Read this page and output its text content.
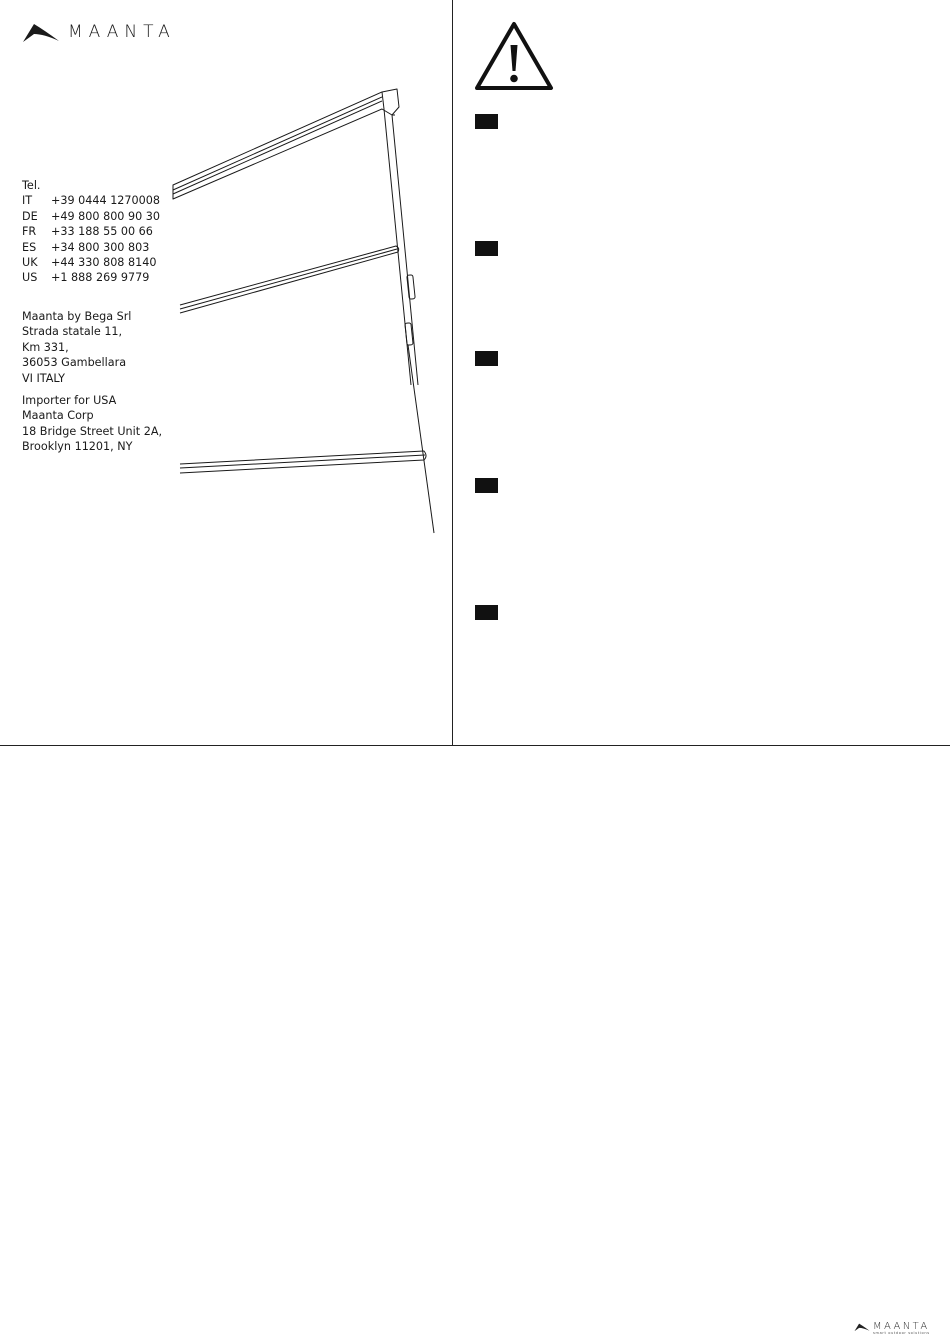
MAANTA
Tel.
IT	+39 0444 1270008
DE	+49 800 800 90 30
FR	+33 188 55 00 66
ES	+34 800 300 803
UK	+44 330 808 8140
US	+1 888 269 9779
Maanta by Bega Srl
Strada statale 11,
Km 331,
36053 Gambellara
VI ITALY
Importer for USA
Maanta Corp
18 Bridge Street Unit 2A,
Brooklyn 11201, NY
MAANTA
smart outdoor solutions
